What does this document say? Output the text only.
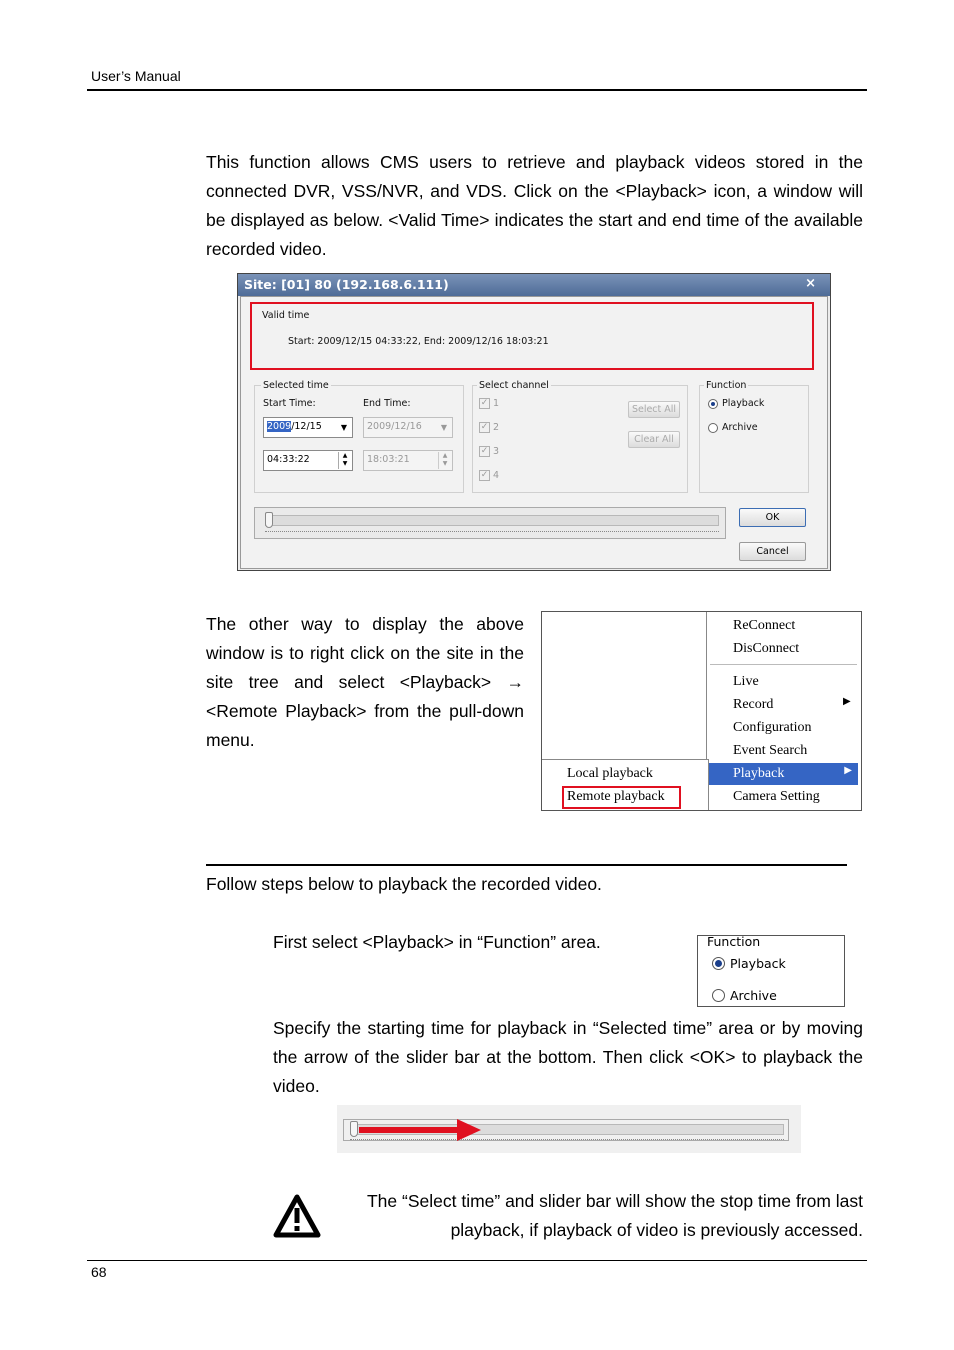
User’s Manual
This function allows CMS users to retrieve and playback videos stored in the connected DVR, VSS/NVR, and VDS. Click on the <Playback> icon, a window will be displayed as below. <Valid Time> indicates the start and end time of the available recorded video.
Site: [01] 80 (192.168.6.111)	×
Valid time
Start: 2009/12/15 04:33:22, End: 2009/12/16 18:03:21
Selected time
Start Time:	End Time:
2009/12/15 ▼	2009/12/16 ▼
04:33:22	▲
▼	18:03:21	▲
▼
Select channel
✓ 1
✓ 2
✓ 3
✓ 4
Select All
Clear All
Function
Playback
Archive
OK
Cancel
The other way to display the above window is to right click on the site in the site tree and select <Playback> → <Remote Playback> from the pull-down menu.
Local playback
Remote playback
ReConnect
DisConnect
Live
Record	▶
Configuration
Event Search
Playback	▶
Camera Setting
Follow steps below to playback the recorded video.
First select <Playback> in “Function” area.	Function
Playback
Archive
Specify the starting time for playback in “Selected time” area or by moving the arrow of the slider bar at the bottom. Then click <OK> to playback the video.
The “Select time” and slider bar will show the stop time from last playback, if playback of video is previously accessed.
68
